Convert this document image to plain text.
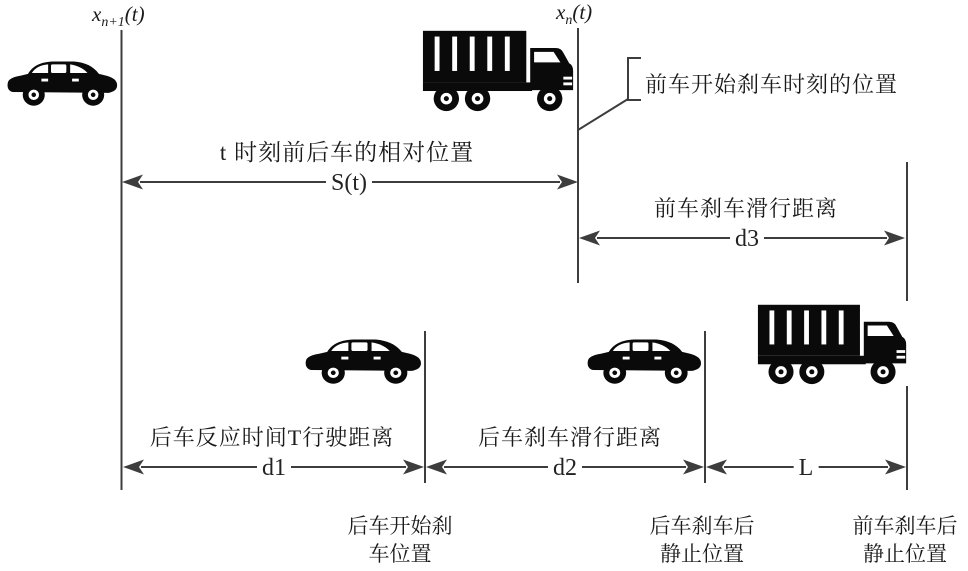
$x_{n+1}(t)$	$x_n(t)$
前车开始刹车时刻的位置
t 时刻前后车的相对位置
前车刹车滑行距离
后车反应时间T行驶距离	后车刹车滑行距离
S(t)
d3
d1	d2	L
后车开始刹
车位置
后车刹车后
静止位置
前车刹车后
静止位置
